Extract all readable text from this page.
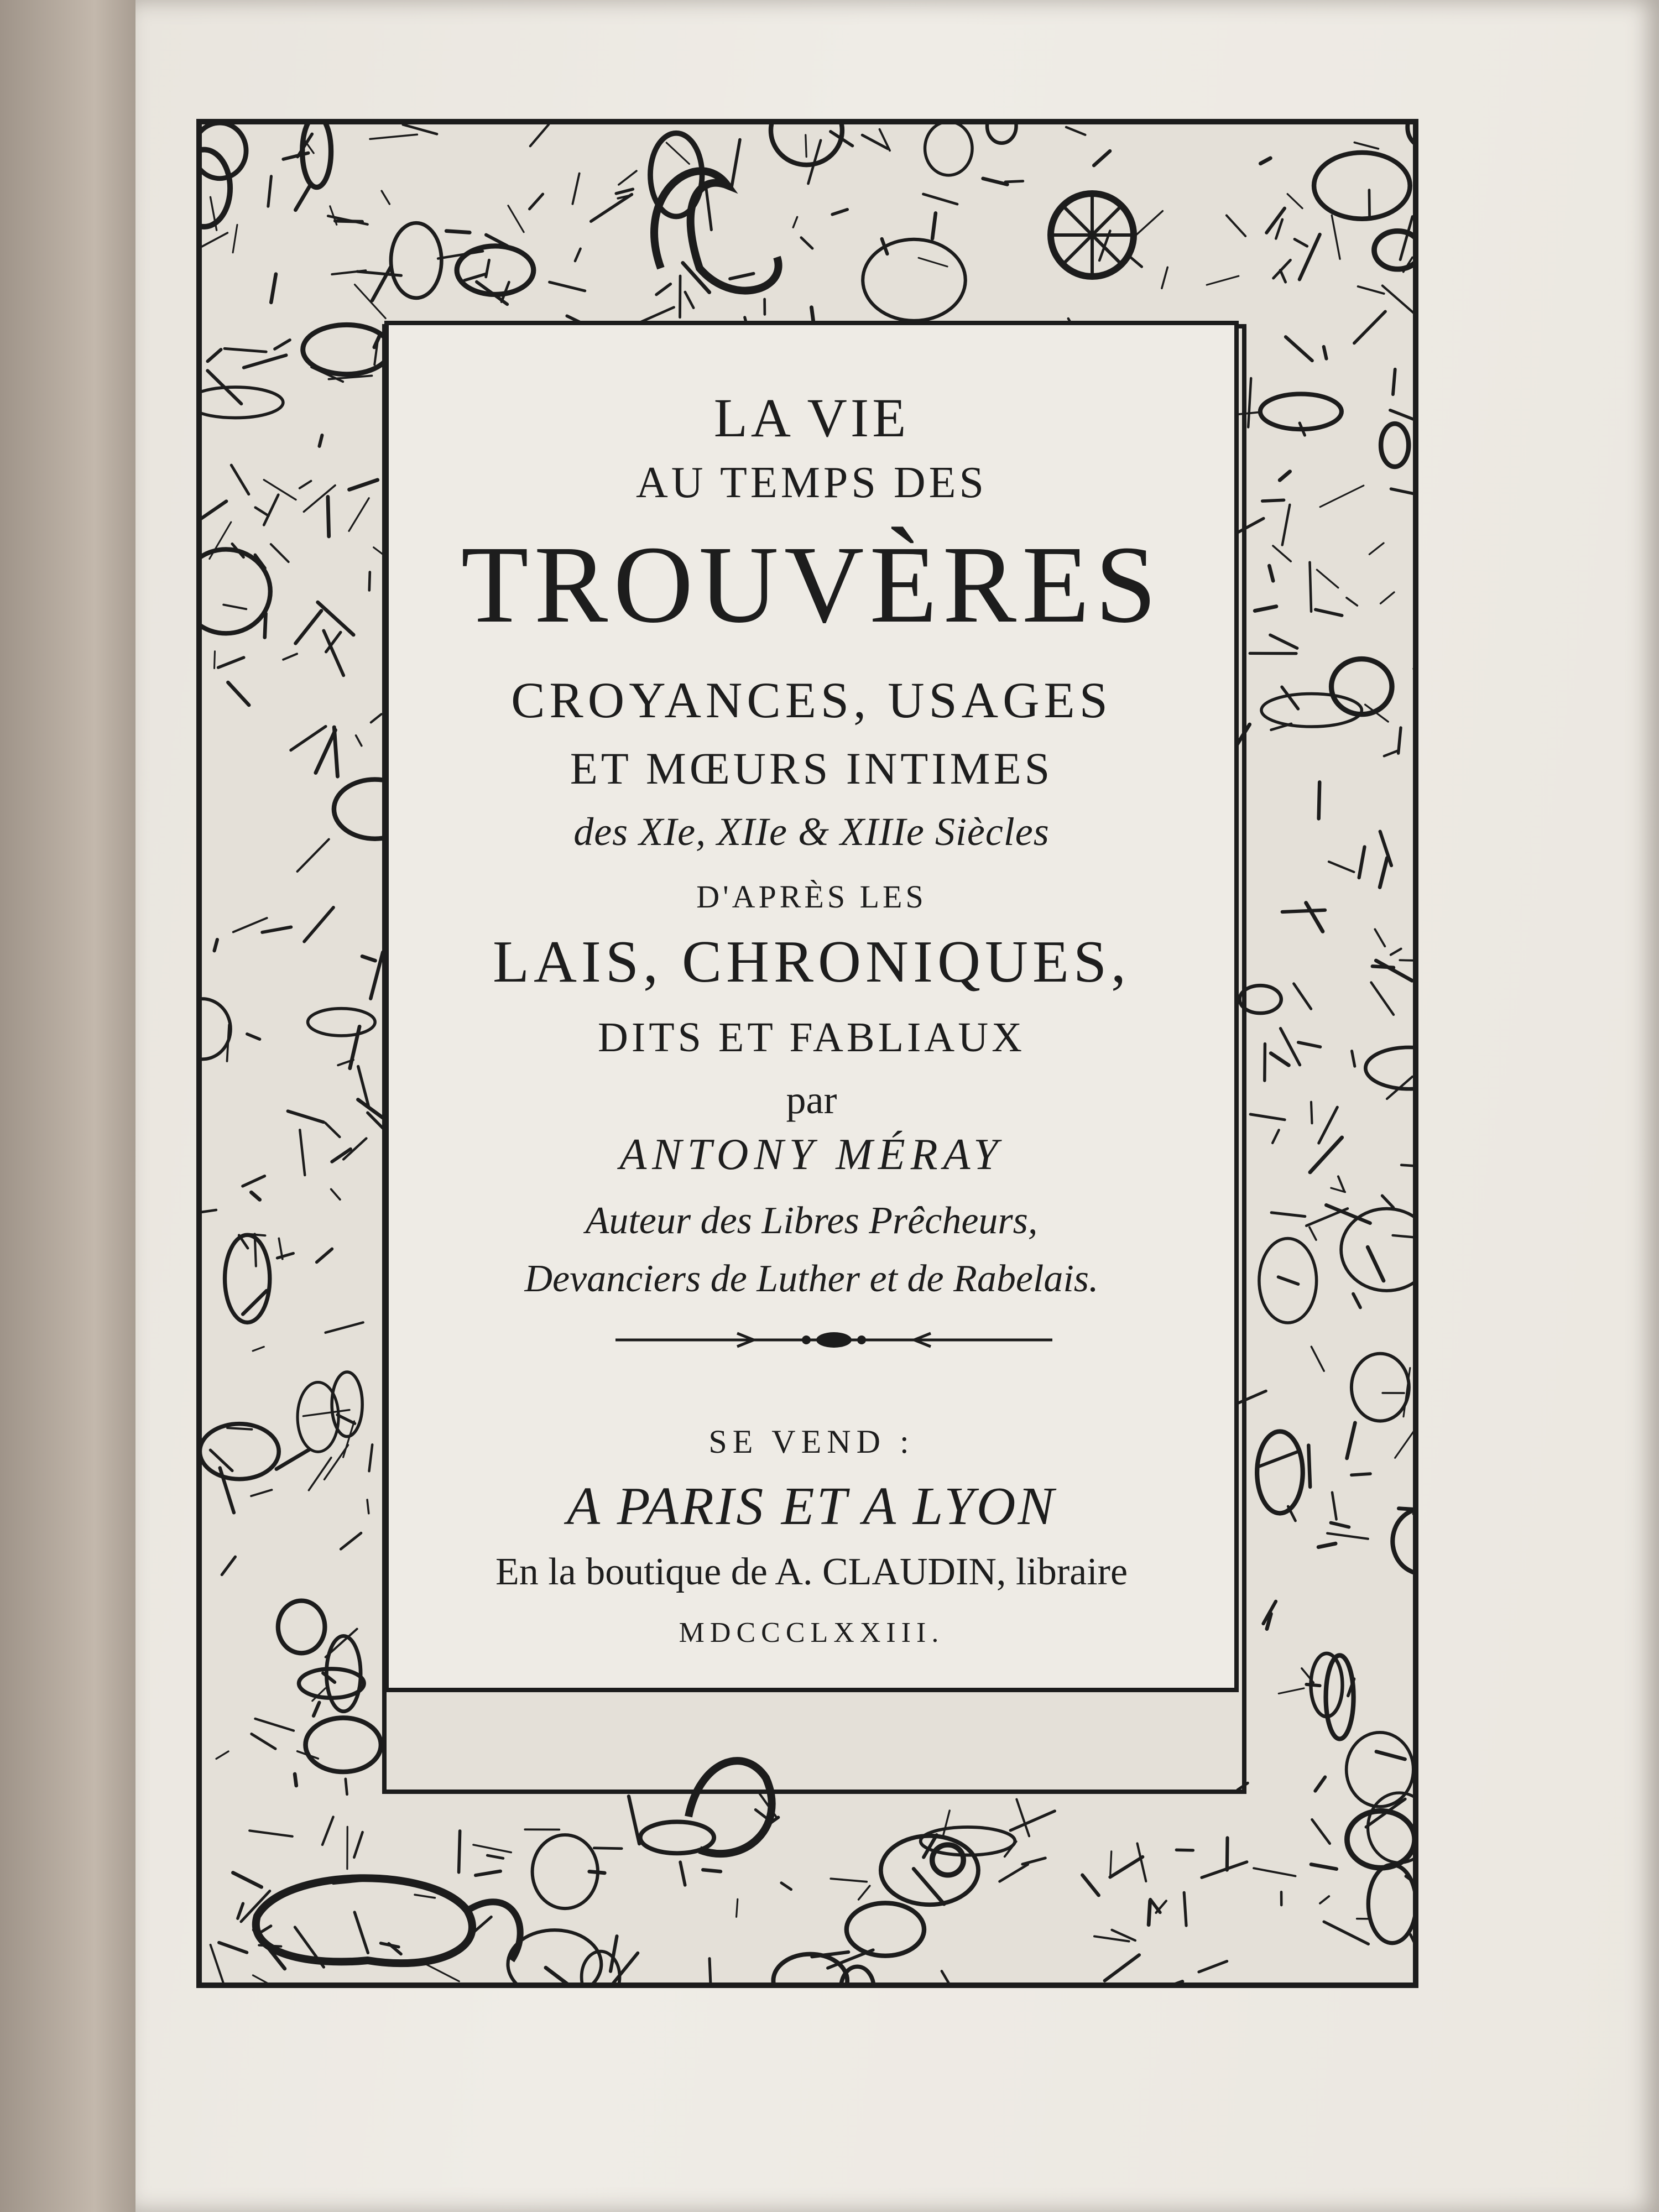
LA VIE
AU TEMPS DES
TROUVÈRES
CROYANCES, USAGES
ET MŒURS INTIMES
des XIe, XIIe & XIIIe Siècles
D'APRÈS LES
LAIS, CHRONIQUES,
DITS ET FABLIAUX
par
ANTONY MÉRAY
Auteur des Libres Prêcheurs,
Devanciers de Luther et de Rabelais.
SE VEND :
A PARIS ET A LYON
En la boutique de A. CLAUDIN, libraire
MDCCCLXXIII.
